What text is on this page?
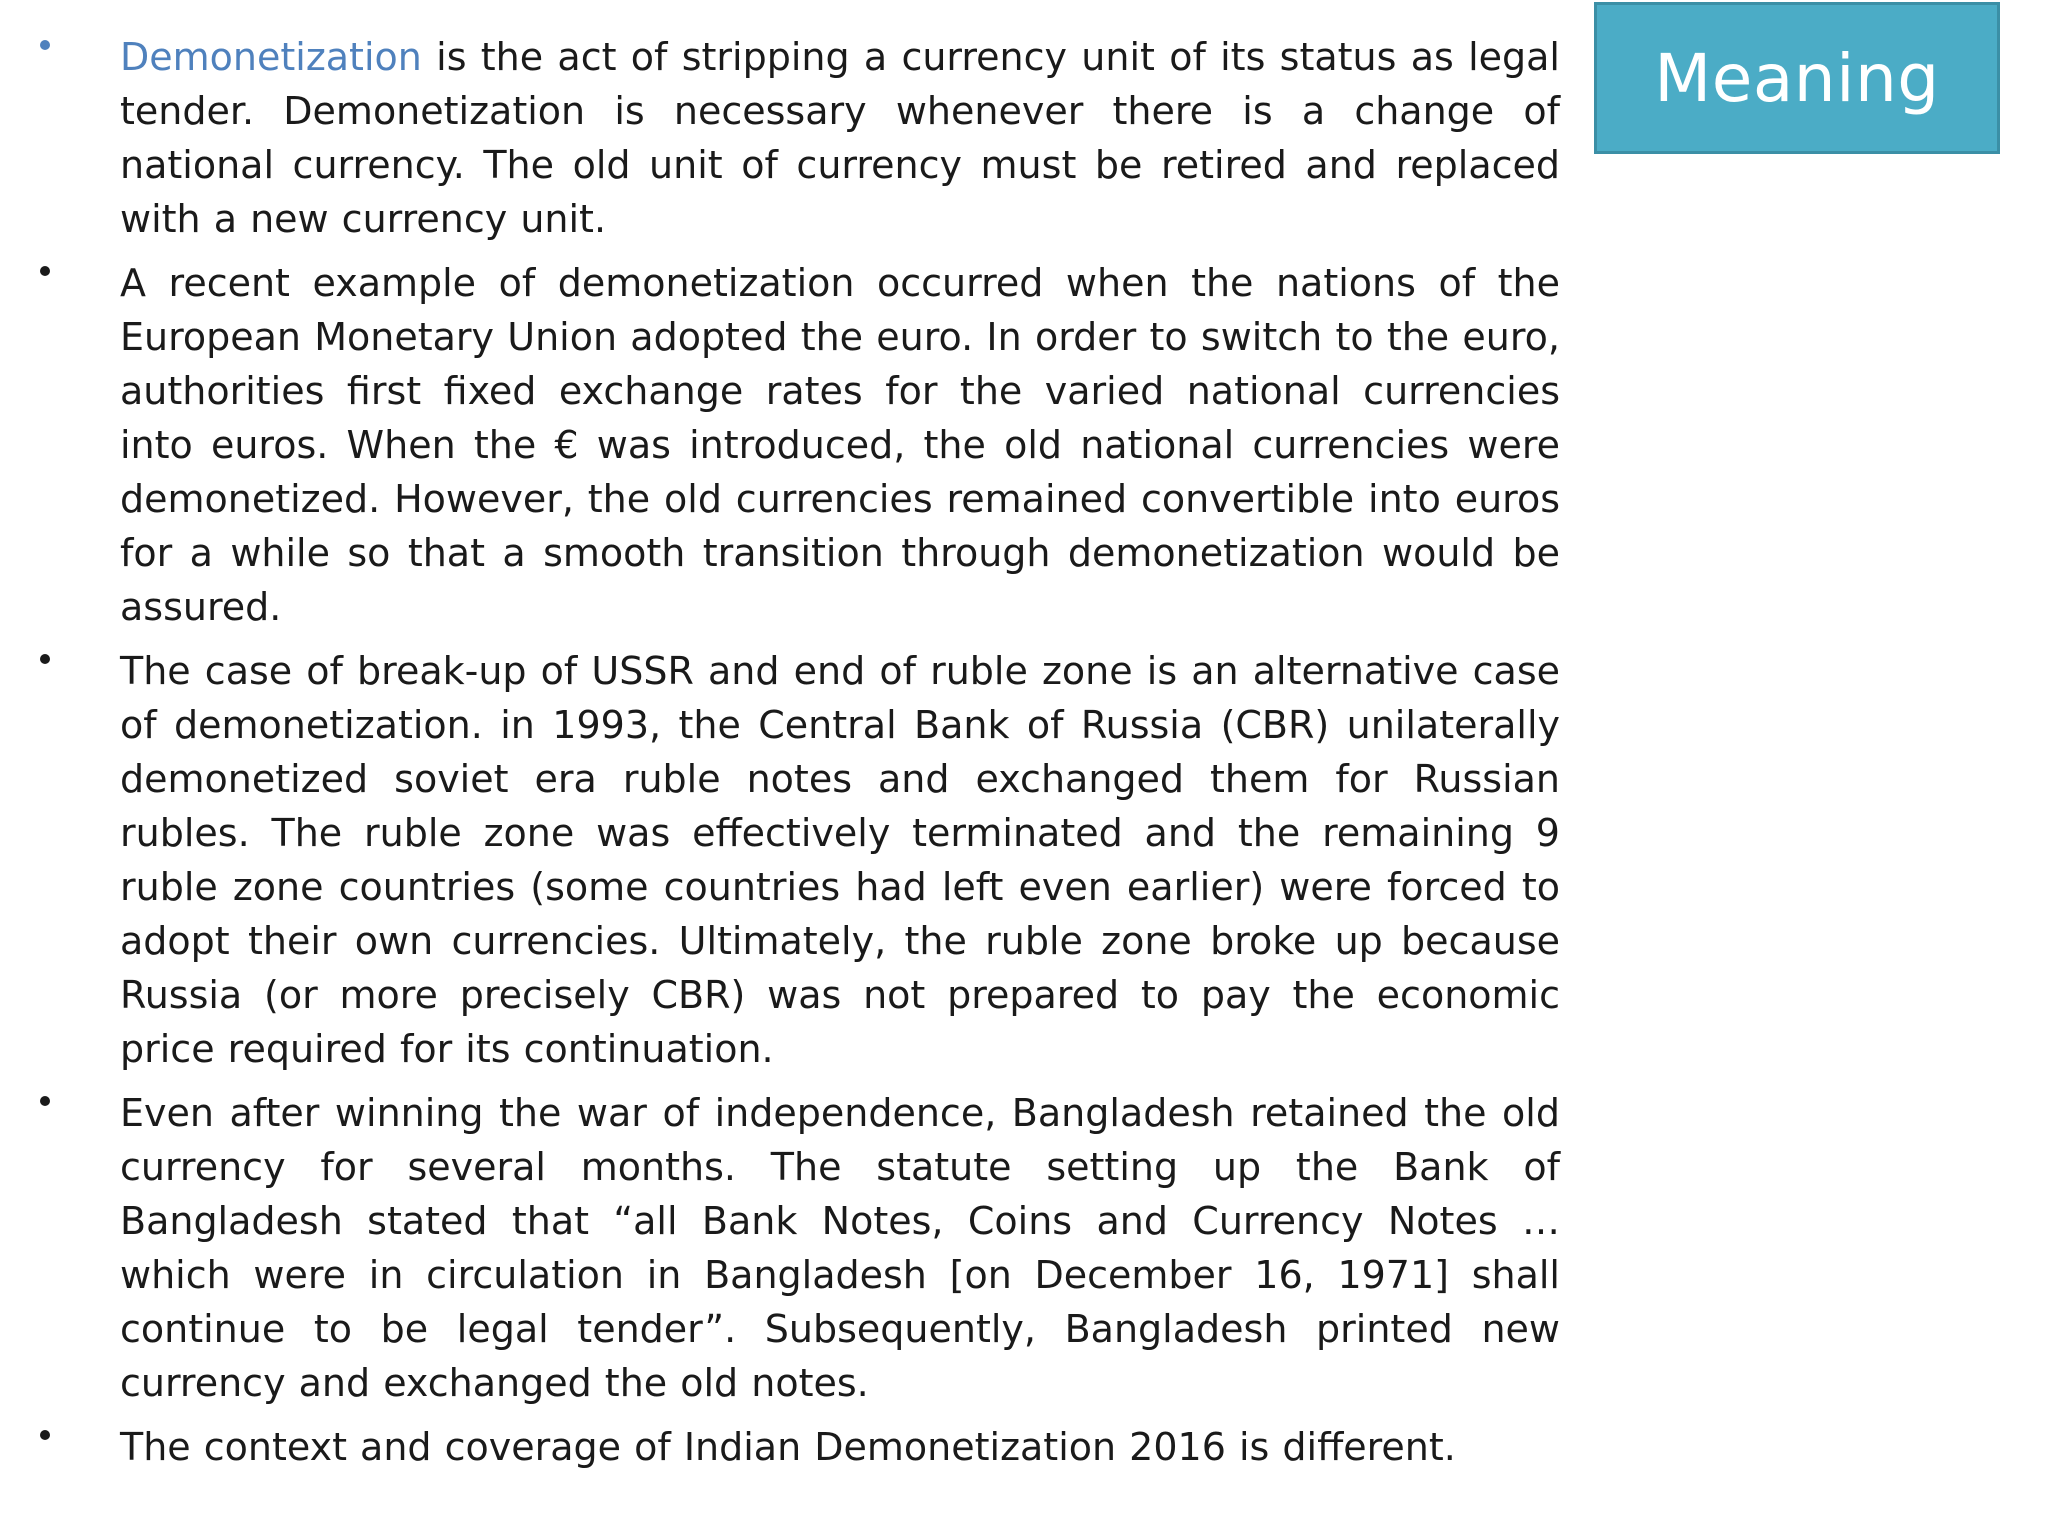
Meaning
Demonetization is the act of stripping a currency unit of its status as legal tender. Demonetization is necessary whenever there is a change of national currency. The old unit of currency must be retired and replaced with a new currency unit.
A recent example of demonetization occurred when the nations of the European Monetary Union adopted the euro. In order to switch to the euro, authorities first fixed exchange rates for the varied national currencies into euros. When the € was introduced, the old national currencies were demonetized. However, the old currencies remained convertible into euros for a while so that a smooth transition through demonetization would be assured.
The case of break-up of USSR and end of ruble zone is an alternative case of demonetization. in 1993, the Central Bank of Russia (CBR) unilaterally demonetized soviet era ruble notes and exchanged them for Russian rubles. The ruble zone was effectively terminated and the remaining 9 ruble zone countries (some countries had left even earlier) were forced to adopt their own currencies. Ultimately, the ruble zone broke up because Russia (or more precisely CBR) was not prepared to pay the economic price required for its continuation.
Even after winning the war of independence, Bangladesh retained the old currency for several months. The statute setting up the Bank of Bangladesh stated that “all Bank Notes, Coins and Currency Notes … which were in circulation in Bangladesh [on December 16, 1971] shall continue to be legal tender”. Subsequently, Bangladesh printed new currency and exchanged the old notes.
The context and coverage of Indian Demonetization 2016 is different.
